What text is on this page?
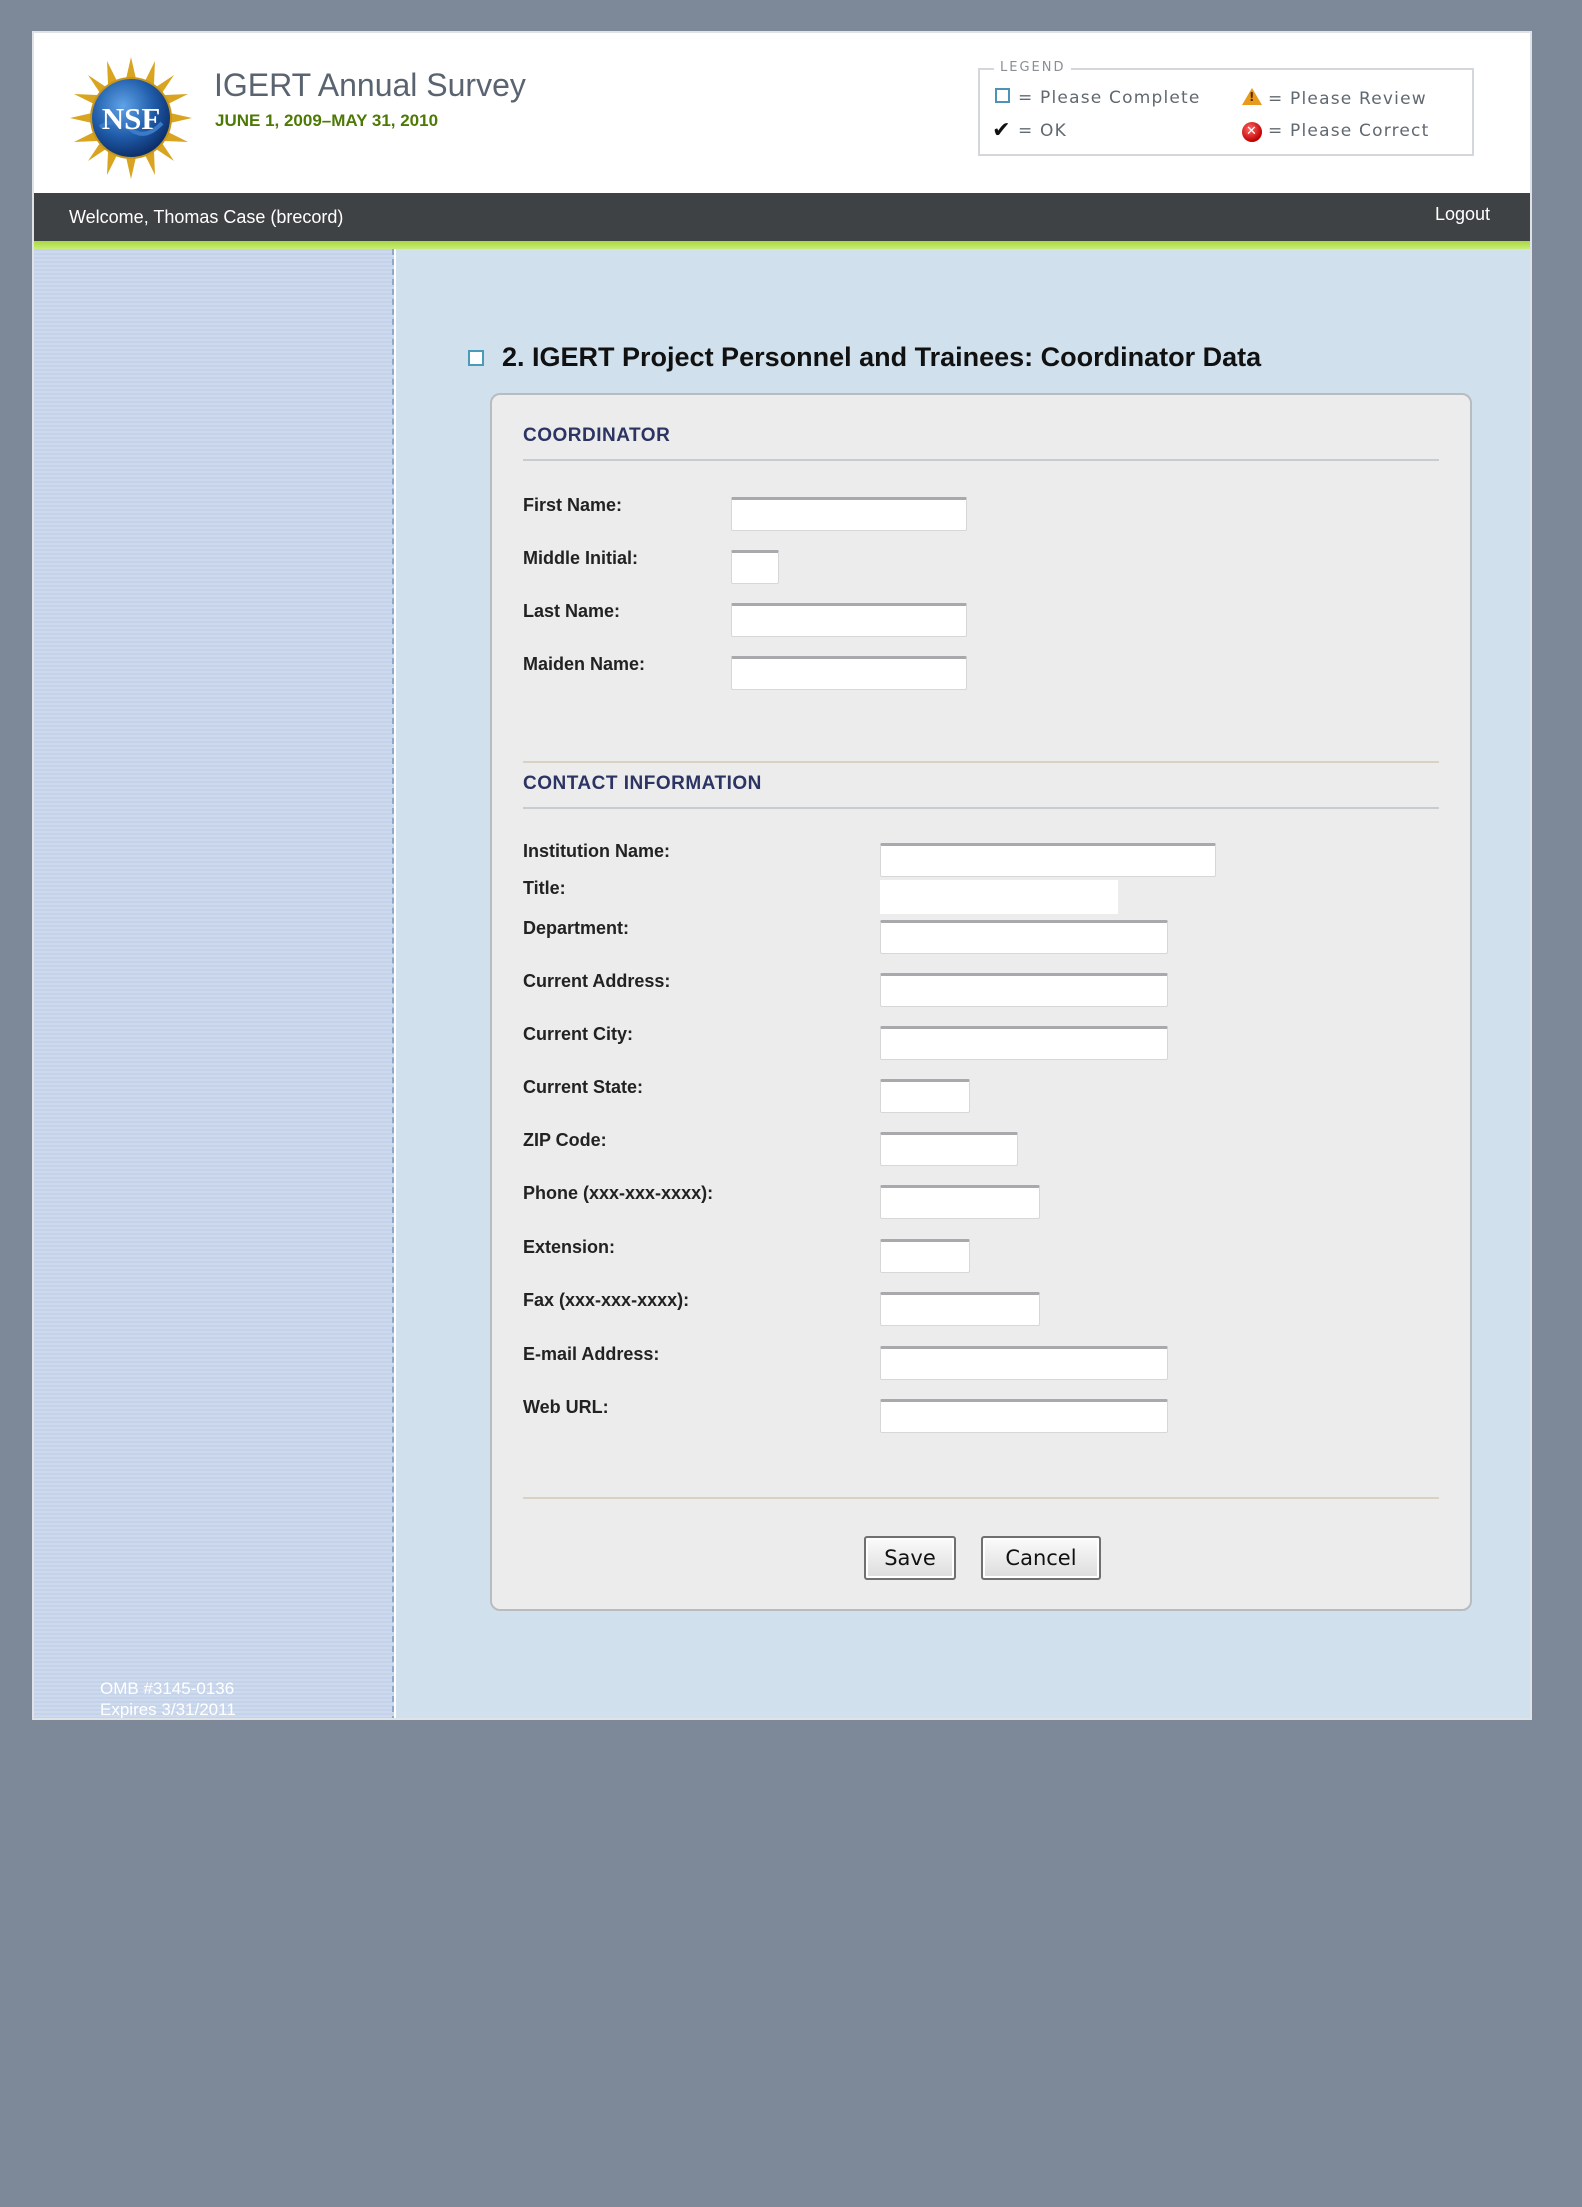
NSF
IGERT Annual Survey
JUNE 1, 2009–MAY 31, 2010
LEGEND
= Please Complete
✔ = OK
!
= Please Review
✕ = Please Correct
Welcome, Thomas Case (brecord)	Logout
OMB #3145-0136
Expires 3/31/2011
2. IGERT Project Personnel and Trainees: Coordinator Data
COORDINATOR
First Name:
Middle Initial:
Last Name:
Maiden Name:
CONTACT INFORMATION
Institution Name:
Title:
Department:
Current Address:
Current City:
Current State:
ZIP Code:
Phone (xxx-xxx-xxxx):
Extension:
Fax (xxx-xxx-xxxx):
E-mail Address:
Web URL:
Save	Cancel
